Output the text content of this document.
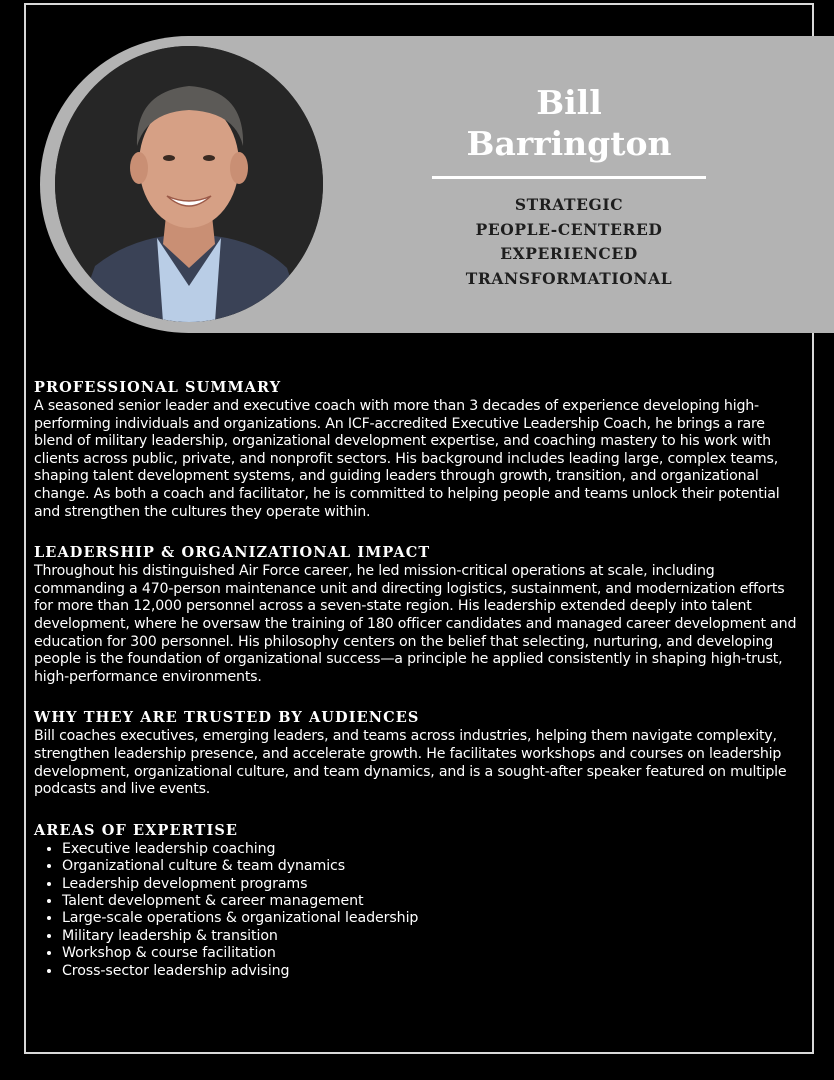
Bill

Barrington

STRATEGIC

PEOPLE-CENTERED

EXPERIENCED

TRANSFORMATIONAL

PROFESSIONAL SUMMARY

A seasoned senior leader and executive coach with more than 3 decades of experience developing high-performing individuals and organizations. An ICF-accredited Executive Leadership Coach, he brings a rare blend of military leadership, organizational development expertise, and coaching mastery to his work with clients across public, private, and nonprofit sectors. His background includes leading large, complex teams, shaping talent development systems, and guiding leaders through growth, transition, and organizational change. As both a coach and facilitator, he is committed to helping people and teams unlock their potential and strengthen the cultures they operate within.

LEADERSHIP & ORGANIZATIONAL IMPACT

Throughout his distinguished Air Force career, he led mission-critical operations at scale, including commanding a 470-person maintenance unit and directing logistics, sustainment, and modernization efforts for more than 12,000 personnel across a seven-state region. His leadership extended deeply into talent development, where he oversaw the training of 180 officer candidates and managed career development and education for 300 personnel. His philosophy centers on the belief that selecting, nurturing, and developing people is the foundation of organizational success—a principle he applied consistently in shaping high-trust, high-performance environments.

WHY THEY ARE TRUSTED BY AUDIENCES

Bill coaches executives, emerging leaders, and teams across industries, helping them navigate complexity, strengthen leadership presence, and accelerate growth. He facilitates workshops and courses on leadership development, organizational culture, and team dynamics, and is a sought-after speaker featured on multiple podcasts and live events.

AREAS OF EXPERTISE

• Executive leadership coaching
• Organizational culture & team dynamics
• Leadership development programs
• Talent development & career management
• Large-scale operations & organizational leadership
• Military leadership & transition
• Workshop & course facilitation
• Cross-sector leadership advising
